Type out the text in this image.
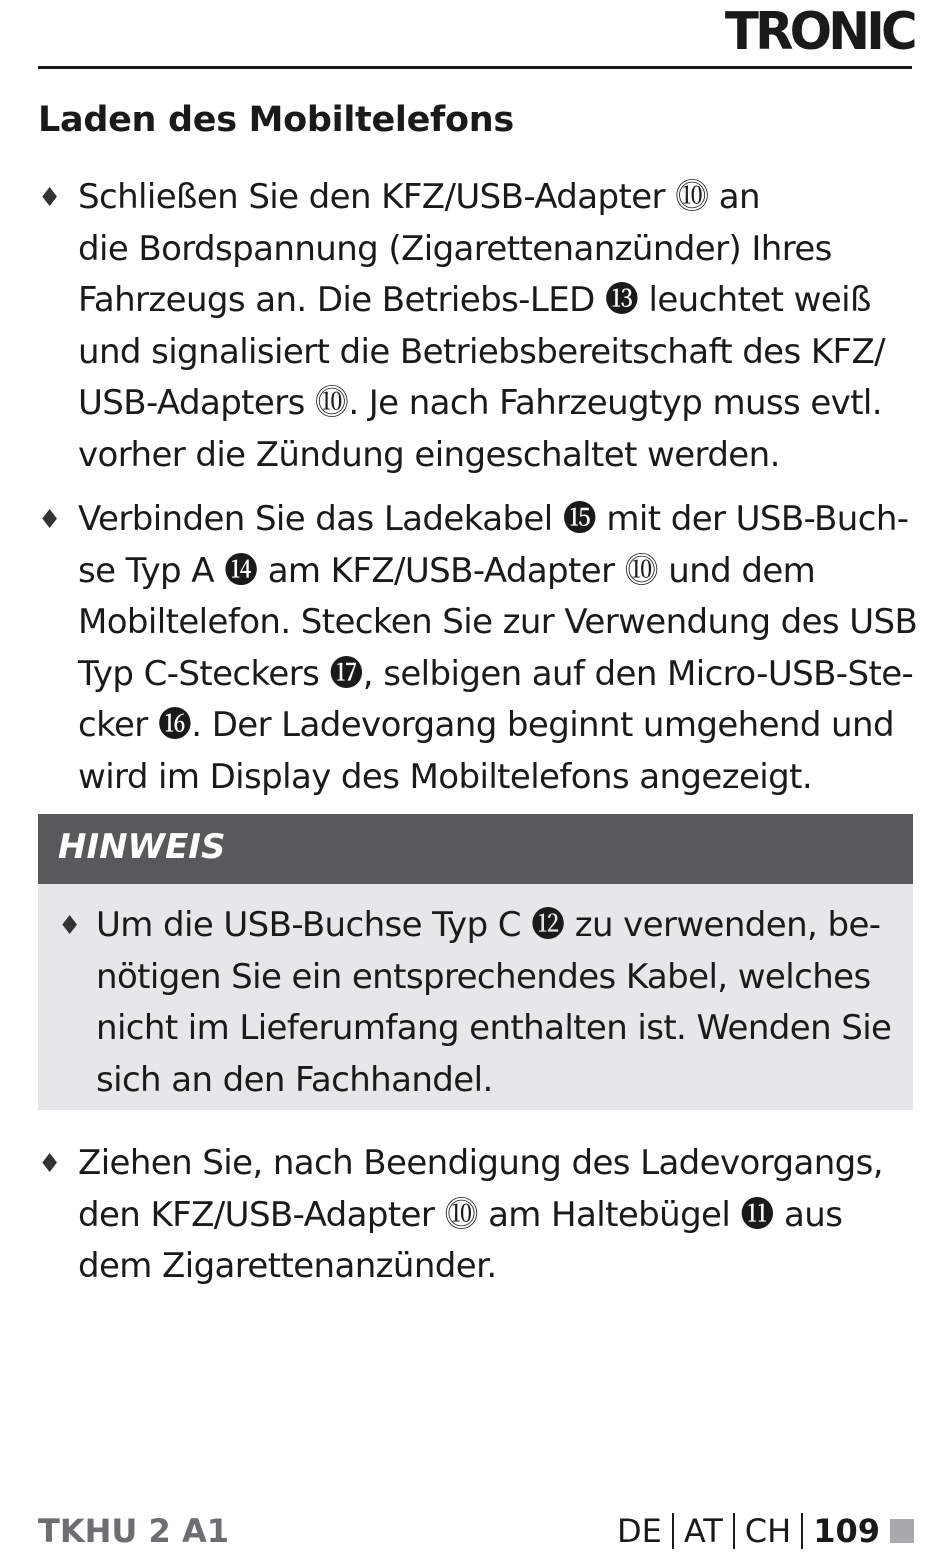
TRONIC
Laden des Mobiltelefons
♦ Schließen Sie den KFZ/USB-Adapter ⓾ an
die Bordspannung (Zigarettenanzünder) Ihres
Fahrzeugs an. Die Betriebs-LED ⓭ leuchtet weiß
und signalisiert die Betriebsbereitschaft des KFZ/
USB-Adapters ⓾. Je nach Fahrzeugtyp muss evtl.
vorher die Zündung eingeschaltet werden.
♦ Verbinden Sie das Ladekabel ⓯ mit der USB-Buch-
se Typ A ⓮ am KFZ/USB-Adapter ⓾ und dem
Mobiltelefon. Stecken Sie zur Verwendung des USB
Typ C-Steckers ⓱, selbigen auf den Micro-USB-Ste-
cker ⓰. Der Ladevorgang beginnt umgehend und
wird im Display des Mobiltelefons angezeigt.
HINWEIS
♦ Um die USB-Buchse Typ C ⓬ zu verwenden, be-
nötigen Sie ein entsprechendes Kabel, welches
nicht im Lieferumfang enthalten ist. Wenden Sie
sich an den Fachhandel.
♦ Ziehen Sie, nach Beendigung des Ladevorgangs,
den KFZ/USB-Adapter ⓾ am Haltebügel ⓫ aus
dem Zigarettenanzünder.
TKHU 2 A1	DE AT CH 109
